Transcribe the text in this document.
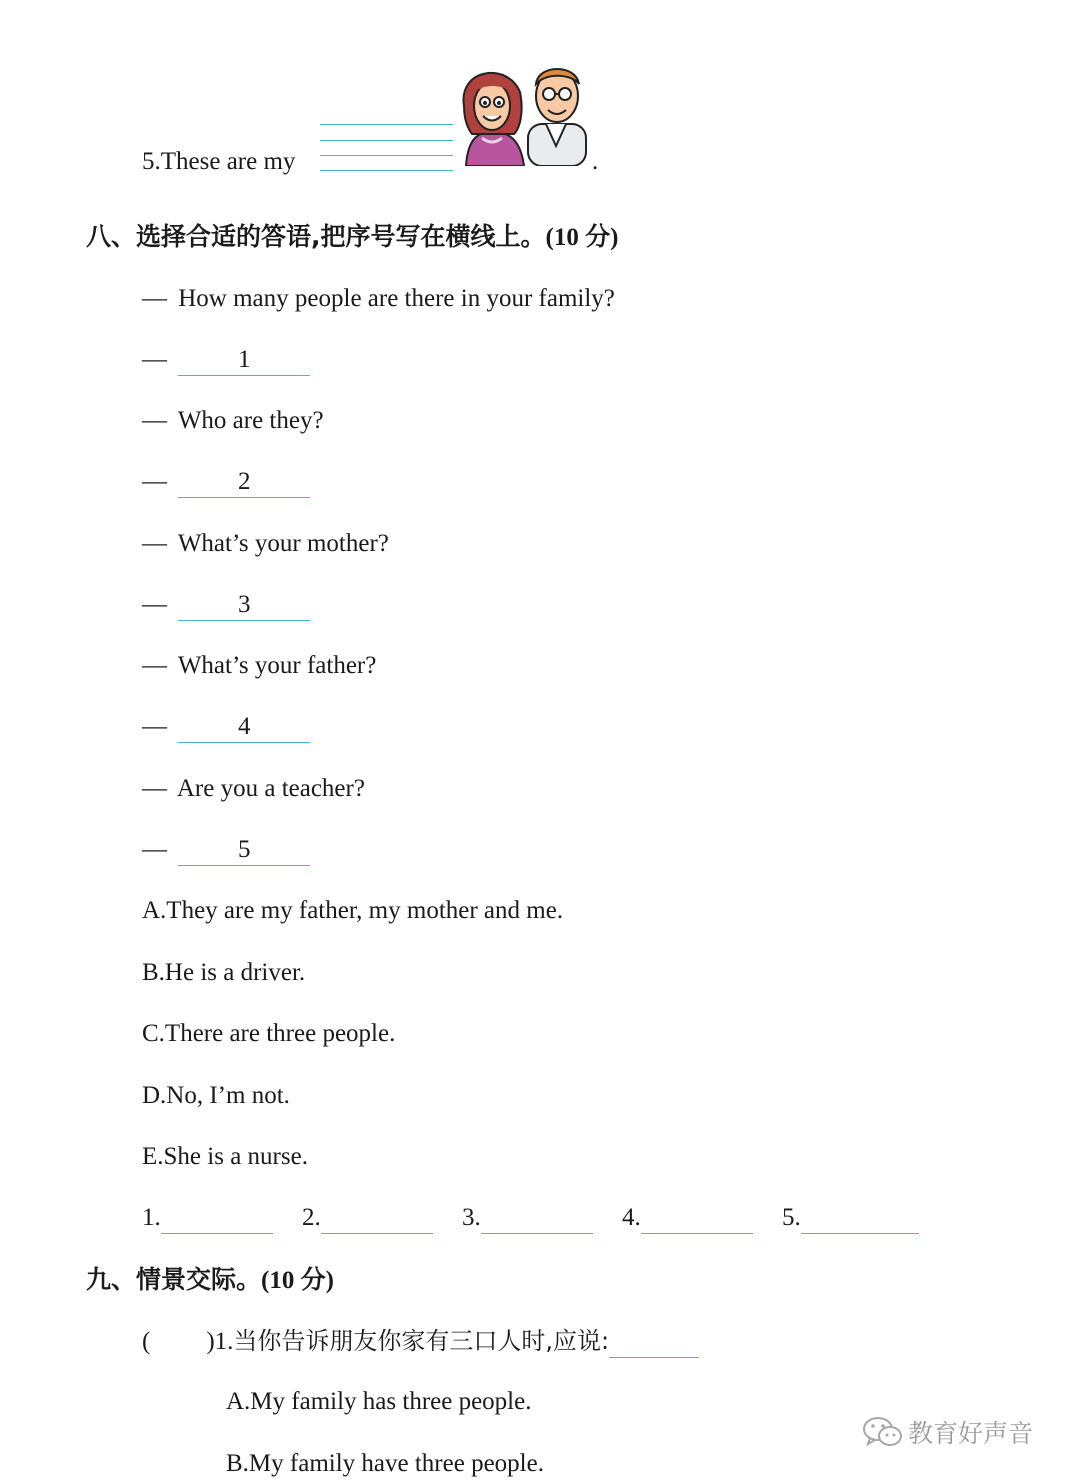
5.These are my	.
八、选择合适的答语,把序号写在横线上。(10 分)
— How many people are there in your family?
—	1
— Who are they?
—	2
— What’s your mother?
—	3
— What’s your father?
—	4
— Are you a teacher?
—	5
A.They are my father, my mother and me.
B.He is a driver.
C.There are three people.
D.No, I’m not.
E.She is a nurse.
1.	2.	3.	4.	5.
九、情景交际。(10 分)
( )1.当你告诉朋友你家有三口人时,应说:
A.My family has three people.
B.My family have three people.
教育好声音
